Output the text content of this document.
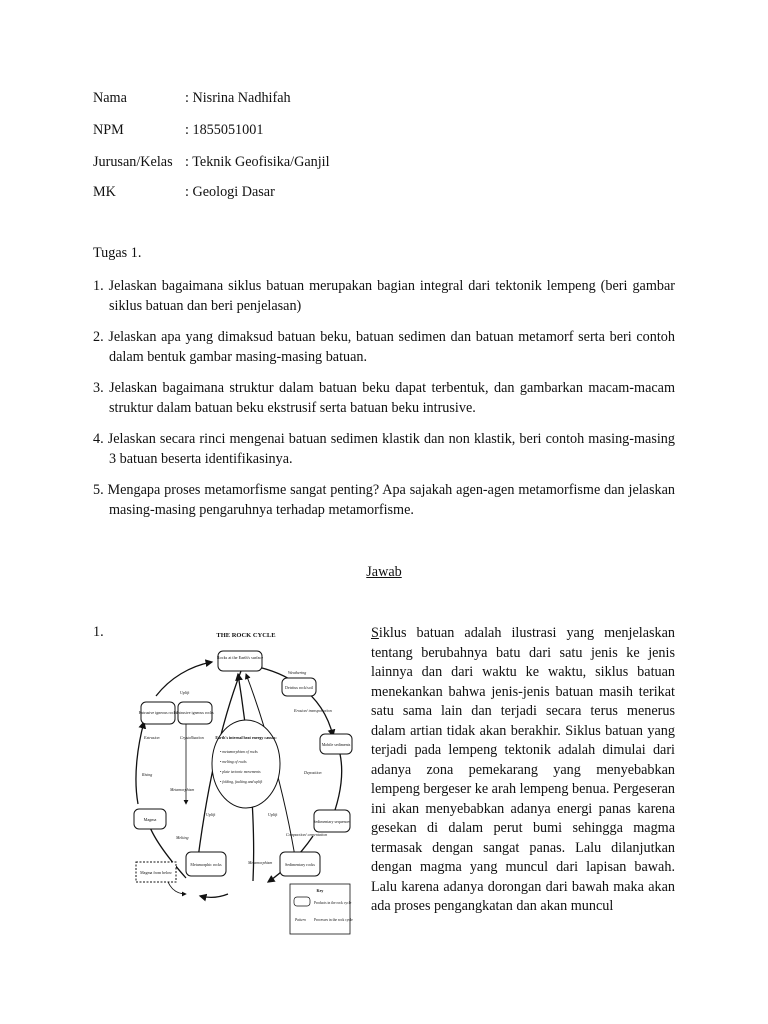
Nama	: Nisrina Nadhifah
NPM	: 1855051001
Jurusan/Kelas : Teknik Geofisika/Ganjil
MK	: Geologi Dasar
Tugas 1.
1. Jelaskan bagaimana siklus batuan merupakan bagian integral dari tektonik lempeng (beri gambar siklus batuan dan beri penjelasan)
2. Jelaskan apa yang dimaksud batuan beku, batuan sedimen dan batuan metamorf serta beri contoh dalam bentuk gambar masing-masing batuan.
3. Jelaskan bagaimana struktur dalam batuan beku dapat terbentuk, dan gambarkan macam-macam struktur dalam batuan beku ekstrusif serta batuan beku intrusive.
4. Jelaskan secara rinci mengenai batuan sedimen klastik dan non klastik, beri contoh masing-masing 3 batuan beserta identifikasinya.
5. Mengapa proses metamorfisme sangat penting? Apa sajakah agen-agen metamorfisme dan jelaskan masing-masing pengaruhnya terhadap metamorfisme.
Jawab
1.	Siklus batuan adalah ilustrasi yang menjelaskan tentang berubahnya batu dari satu jenis ke jenis lainnya dan dari waktu ke waktu, siklus batuan menekankan bahwa jenis-jenis batuan masih terikat satu sama lain dan terjadi secara terus menerus dalam artian tidak akan berakhir. Siklus batuan yang terjadi pada lempeng tektonik adalah dimulai dari adanya zona pemekarang yang menyebabkan lempeng bergeser ke arah lempeng benua. Pergeseran ini akan menyebabkan adanya energi panas karena gesekan di dalam perut bumi sehingga magma termasak dengan sangat panas. Lalu dilanjutkan dengan magma yang muncul dari lapisan bawah. Lalu karena adanya dorongan dari bawah maka akan ada proses pengangkatan dan akan muncul

THE ROCK CYCLE
Rocks at the Earth's surface
Detritus rock/soil
Extrusive igneous rocks Intrusive igneous rocks
Mobile sediments
Magma	Sedimentary sequences
Metamorphic rocks	Sedimentary rocks
Magma from below
Earth's internal heat energy causes:
• metamorphism of rocks
• melting of rocks
• plate tectonic movements
• folding, faulting and uplift
Uplift
Weathering
Erosion/ transportation
Extrusion	Crystallization
Rising	Deposition
Metamorphism
Uplift	Uplift
Melting
Compaction/ cementation
Metamorphism
Key
Products in the rock cycle
Pattern Processes in the rock cycle
